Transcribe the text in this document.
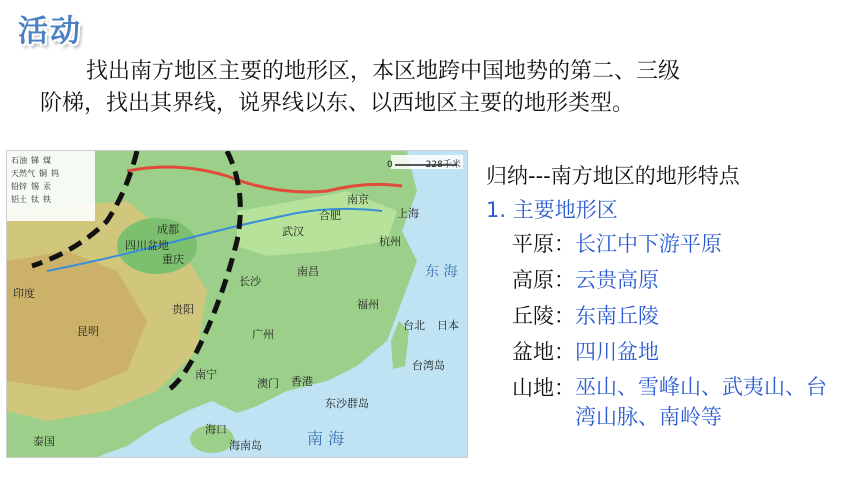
活动
找出南方地区主要的地形区，本区地跨中国地势的第二、三级
阶梯，找出其界线，说界线以东、以西地区主要的地形类型。
石油 锑 煤
天然气 铜 钨
铅锌 锡 汞
铝土 钛 铁
0	228千米
四川盆地
成都
重庆
武汉
合肥
南京
上海
杭州
南昌
长沙
贵阳
昆明
南宁
广州
福州
台北
香港
澳门
海口
海南岛
台湾岛
东沙群岛
印度
泰国
日本
南 海
东 海
归纳---南方地区的地形特点
1. 主要地形区
平原： 长江中下游平原
高原： 云贵高原
丘陵： 东南丘陵
盆地： 四川盆地
山地： 巫山、雪峰山、武夷山、台湾山脉、南岭等
